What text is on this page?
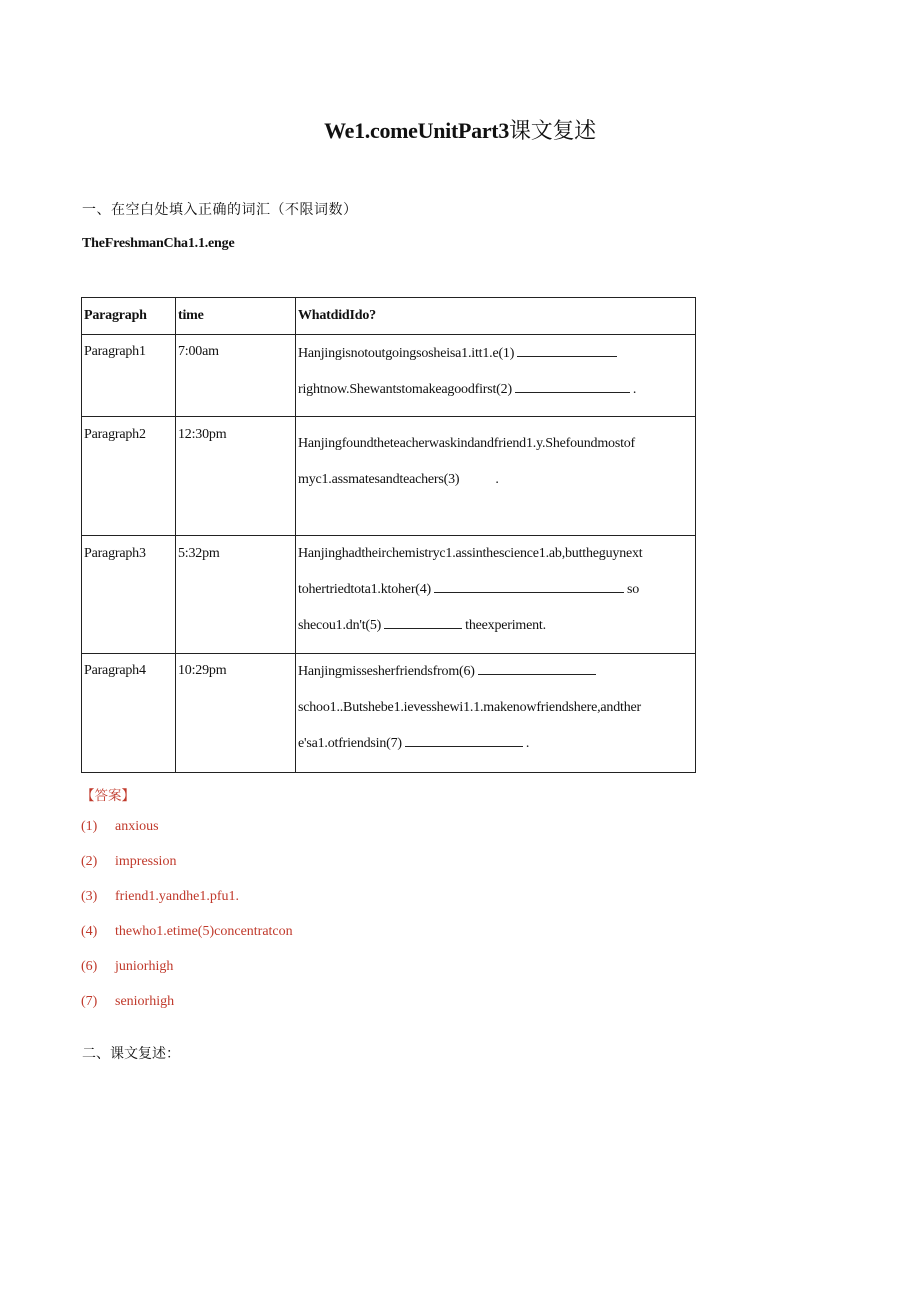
We1.comeUnitPart3课文复述
一、在空白处填入正确的词汇（不限词数）
TheFreshmanCha1.1.enge
Paragraph	time	WhatdidIdo?
Paragraph1	7:00am	Hanjingisnotoutgoingsosheisa1.itt1.e(1)
rightnow.Shewantstomakeagoodfirst(2) .

Paragraph2	12:30pm	Hanjingfoundtheteacherwaskindandfriend1.y.Shefoundmostof
myc1.assmatesandteachers(3) .

Paragraph3	5:32pm	Hanjinghadtheirchemistryc1.assinthescience1.ab,buttheguynext
tohertriedtota1.ktoher(4) so
shecou1.dn't(5) theexperiment.

Paragraph4	10:29pm	Hanjingmissesherfriendsfrom(6)
schoo1..Butshebe1.ievesshewi1.1.makenowfriendshere,andther
e'sa1.otfriendsin(7) .
【答案】
(1) anxious
(2) impression
(3) friend1.yandhe1.pfu1.
(4) thewho1.etime(5)concentratcon
(6) juniorhigh
(7) seniorhigh
二、课文复述：
